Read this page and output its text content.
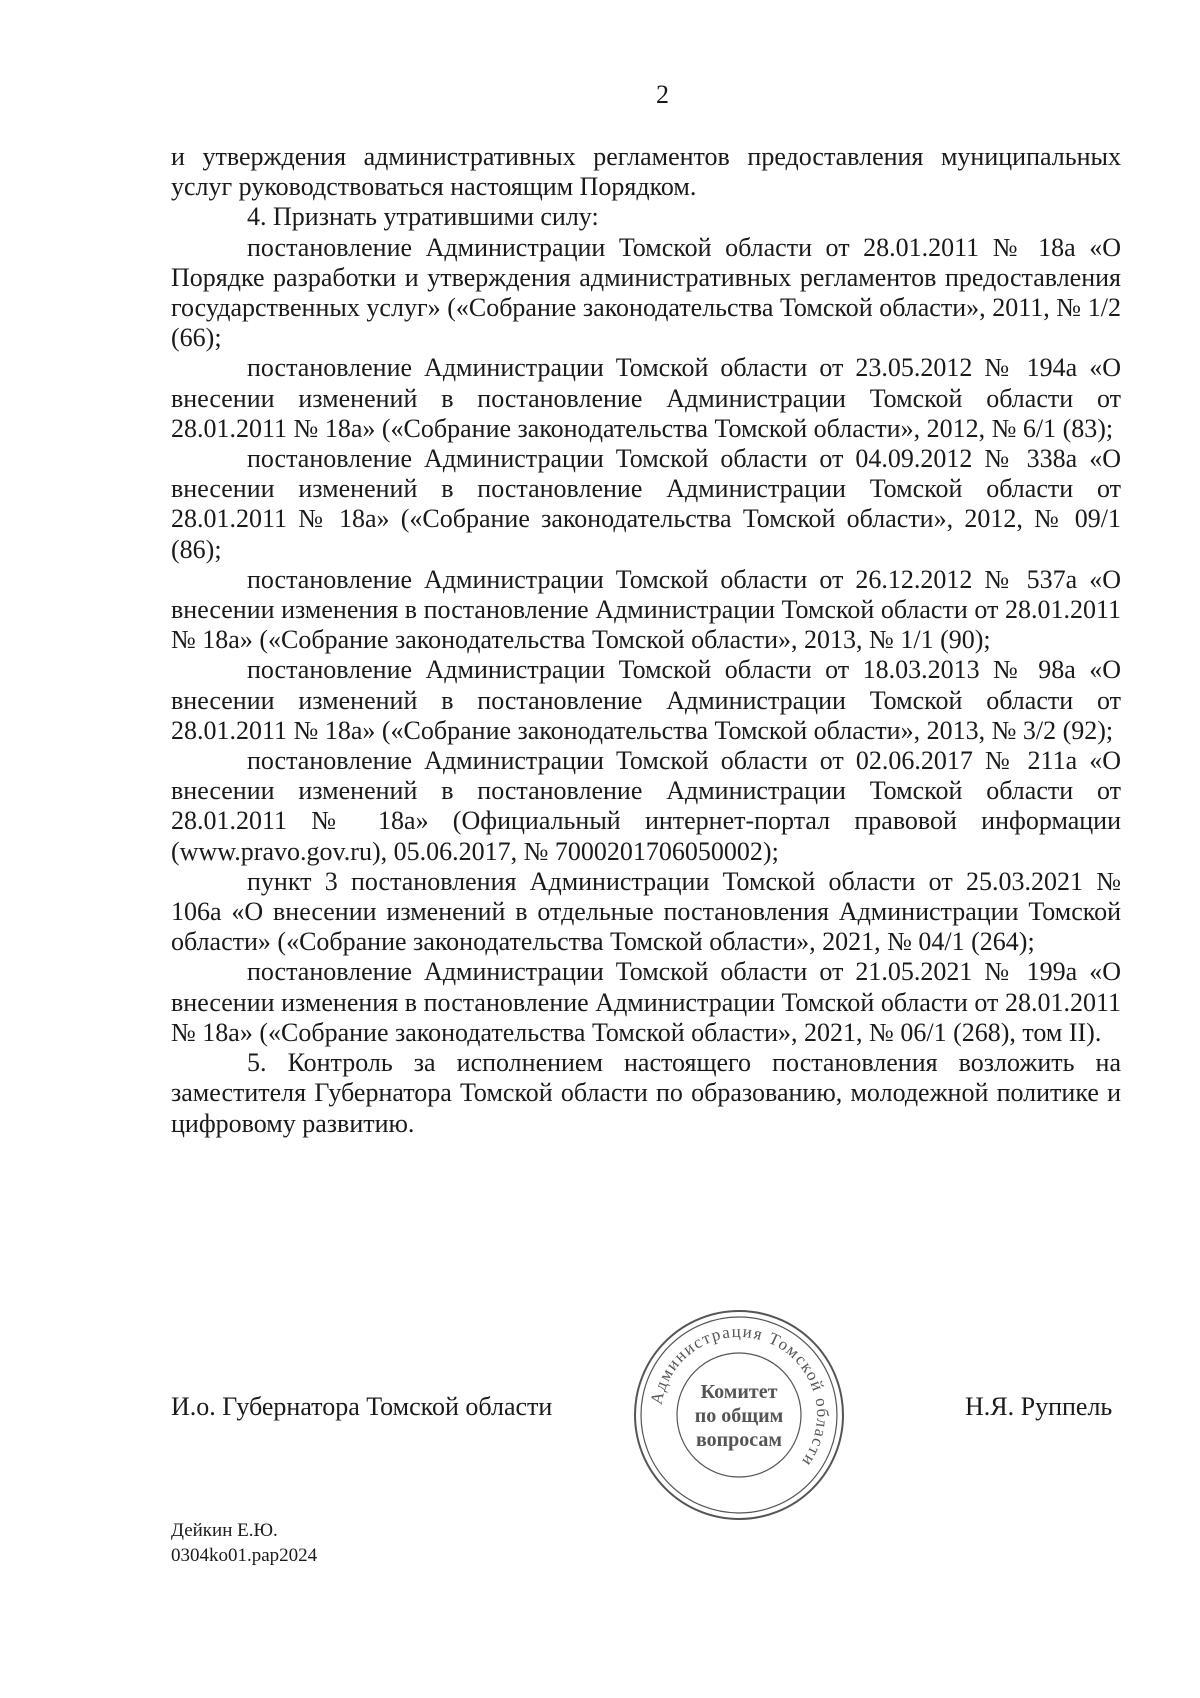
2

и утверждения административных регламентов предоставления муниципальных услуг руководствоваться настоящим Порядком.

4. Признать утратившими силу:

постановление Администрации Томской области от 28.01.2011 № 18а «О Порядке разработки и утверждения административных регламентов предоставления государственных услуг» («Собрание законодательства Томской области», 2011, № 1/2 (66);

постановление Администрации Томской области от 23.05.2012 № 194а «О внесении изменений в постановление Администрации Томской области от 28.01.2011 № 18а» («Собрание законодательства Томской области», 2012, № 6/1 (83);

постановление Администрации Томской области от 04.09.2012 № 338а «О внесении изменений в постановление Администрации Томской области от 28.01.2011 № 18а» («Собрание законодательства Томской области», 2012, № 09/1 (86);

постановление Администрации Томской области от 26.12.2012 № 537а «О внесении изменения в постановление Администрации Томской области от 28.01.2011 № 18а» («Собрание законодательства Томской области», 2013, № 1/1 (90);

постановление Администрации Томской области от 18.03.2013 № 98а «О внесении изменений в постановление Администрации Томской области от 28.01.2011 № 18а» («Собрание законодательства Томской области», 2013, № 3/2 (92);

постановление Администрации Томской области от 02.06.2017 № 211а «О внесении изменений в постановление Администрации Томской области от 28.01.2011 № 18а» (Официальный интернет-портал правовой информации (www.pravo.gov.ru), 05.06.2017, № 7000201706050002);

пункт 3 постановления Администрации Томской области от 25.03.2021 № 106а «О внесении изменений в отдельные постановления Администрации Томской области» («Собрание законодательства Томской области», 2021, № 04/1 (264);

постановление Администрации Томской области от 21.05.2021 № 199а «О внесении изменения в постановление Администрации Томской области от 28.01.2011 № 18а» («Собрание законодательства Томской области», 2021, № 06/1 (268), том II).

5. Контроль за исполнением настоящего постановления возложить на заместителя Губернатора Томской области по образованию, молодежной политике и цифровому развитию.

И.о. Губернатора Томской области	Н.Я. Руппель
Администрация Томской области
Комитет
по общим
вопросам
Дейкин Е.Ю.
0304ko01.pap2024
